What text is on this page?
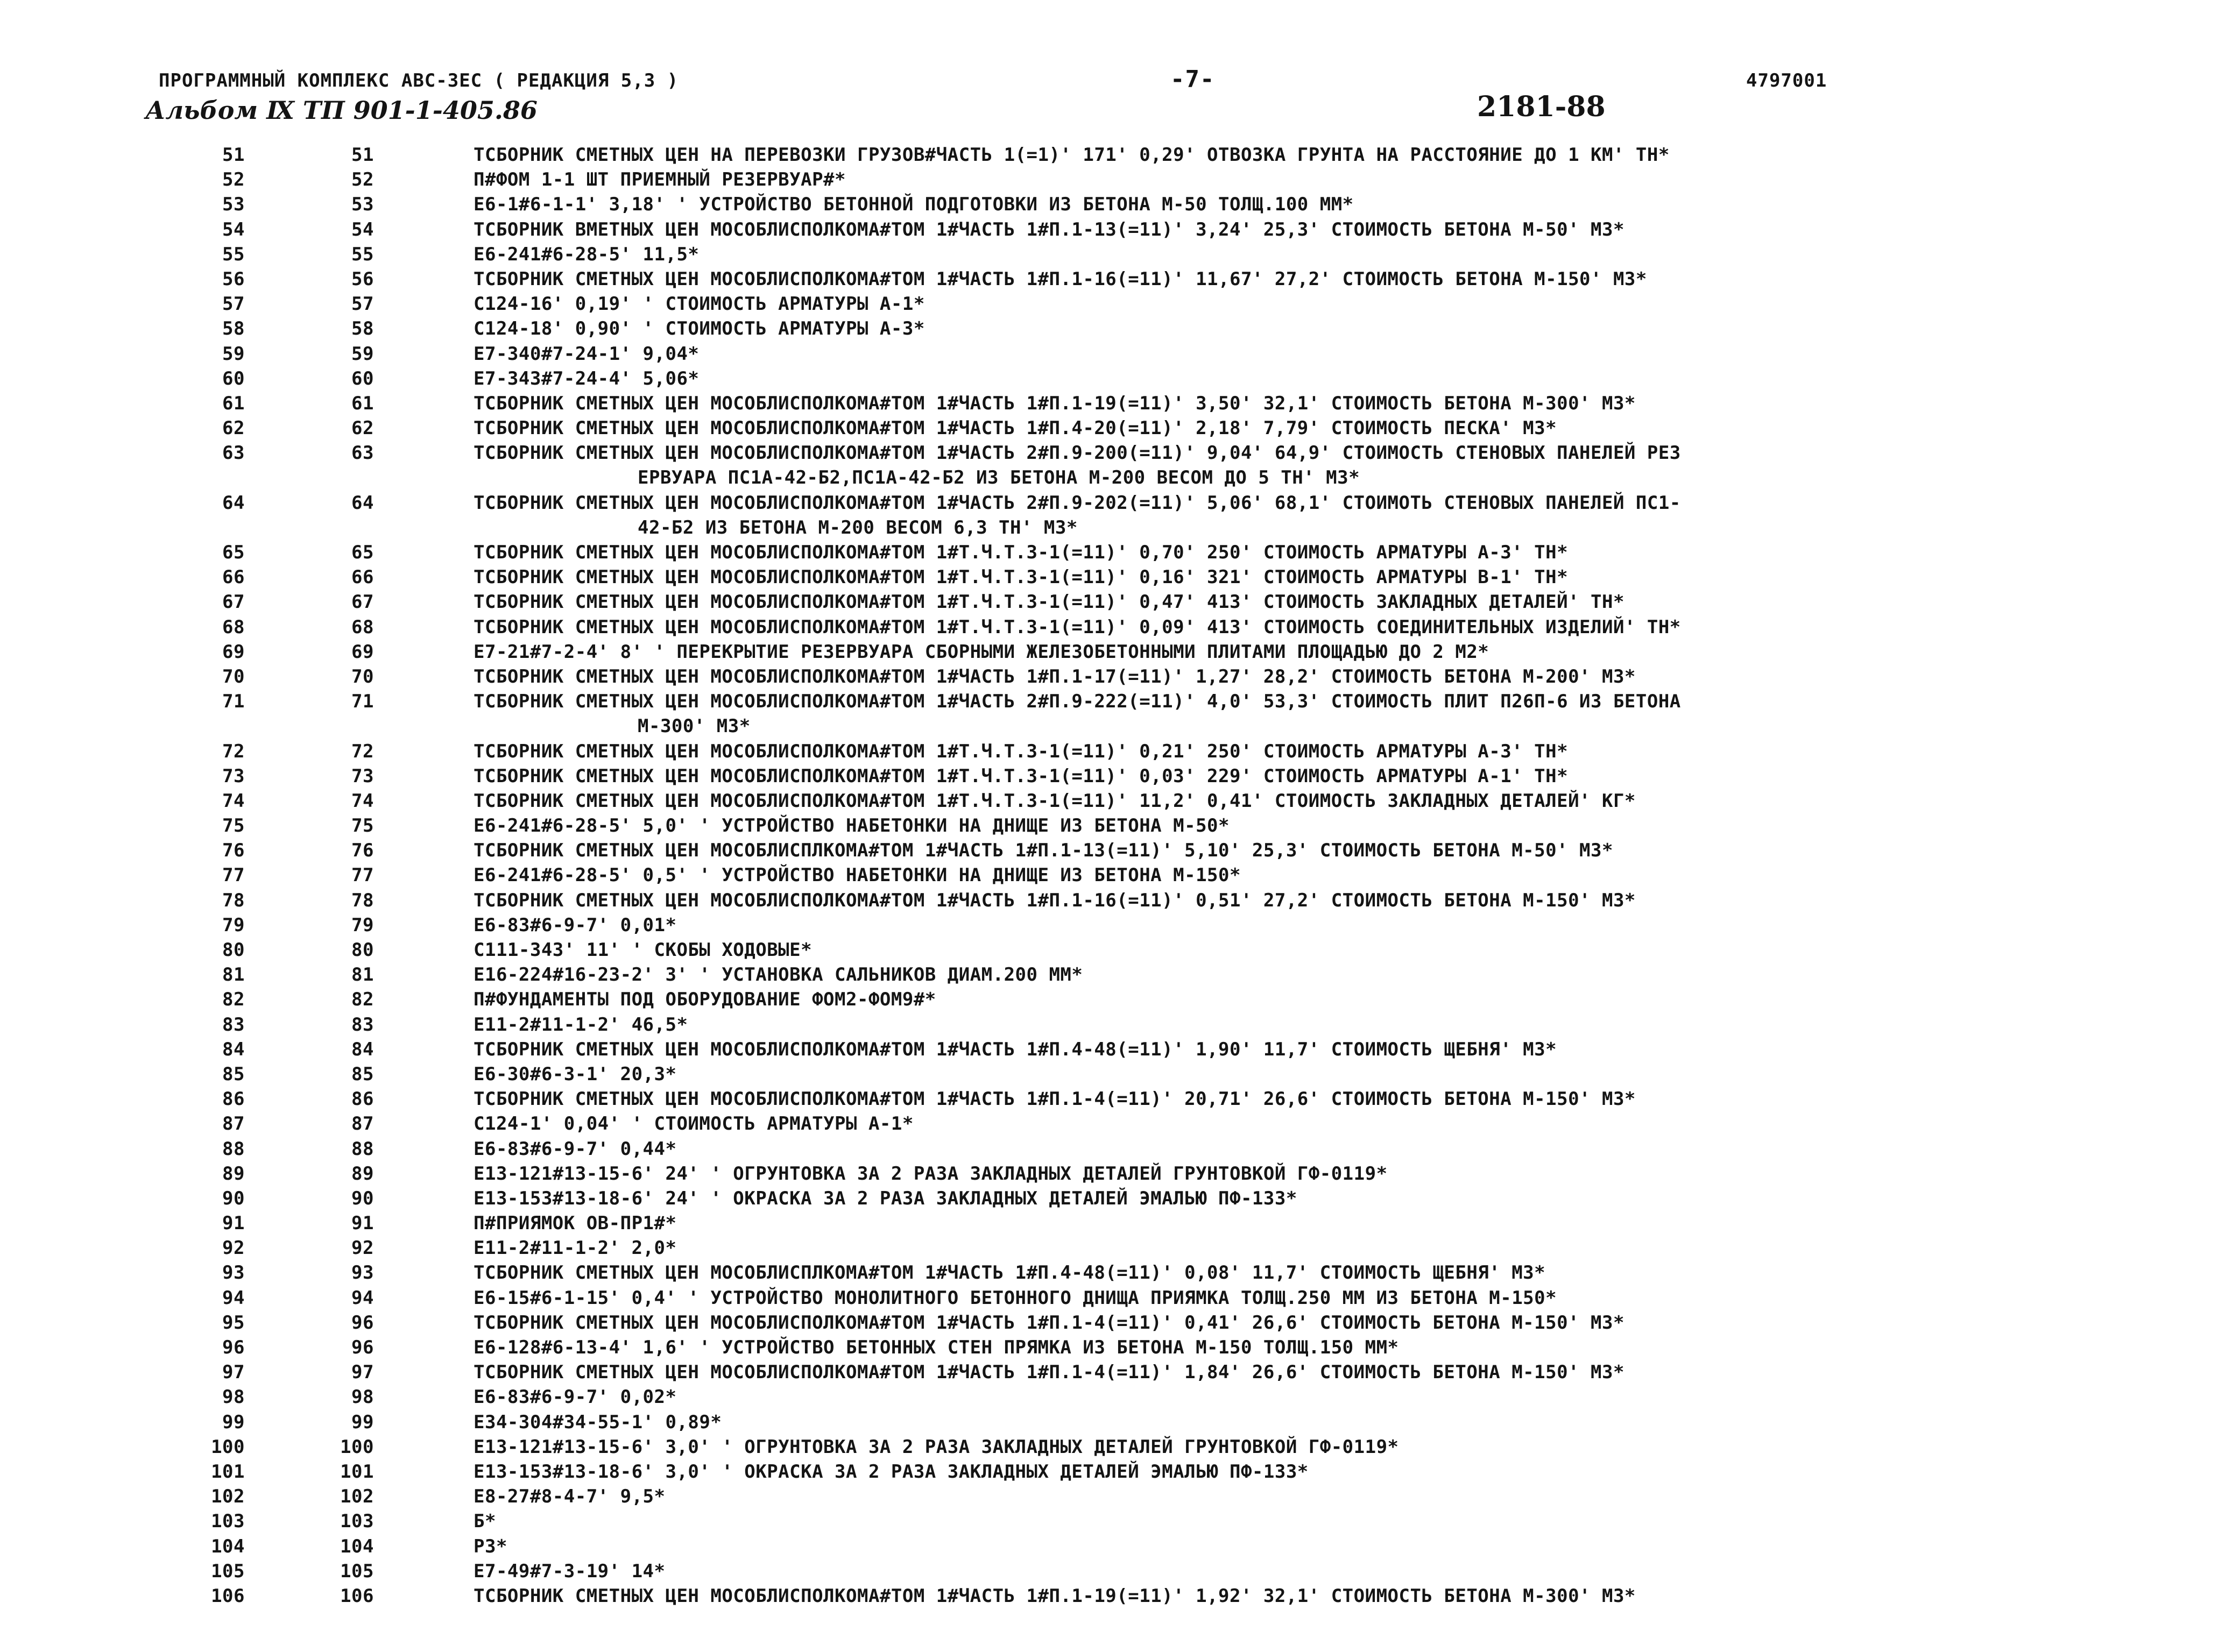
ПРОГРАММНЫЙ КОМПЛЕКС АВС-3ЕС ( РЕДАКЦИЯ 5,3 )	-7-	4797001
Альбом Ⅸ ТП 901-1-405.86	2181-88
51	51	ТСБОРНИК СМЕТНЫХ ЦЕН НА ПЕРЕВОЗКИ ГРУЗОВ#ЧАСТЬ 1(=1)' 171' 0,29' ОТВОЗКА ГРУНТА НА РАССТОЯНИЕ ДО 1 КМ' ТН*
52	52	П#ФОМ 1-1 ШТ ПРИЕМНЫЙ РЕЗЕРВУАР#*
53	53	Е6-1#6-1-1' 3,18' ' УСТРОЙСТВО БЕТОННОЙ ПОДГОТОВКИ ИЗ БЕТОНА М-50 ТОЛЩ.100 ММ*
54	54	ТСБОРНИК ВМЕТНЫХ ЦЕН МОСОБЛИСПОЛКОМА#ТОМ 1#ЧАСТЬ 1#П.1-13(=11)' 3,24' 25,3' СТОИМОСТЬ БЕТОНА М-50' М3*
55	55	Е6-241#6-28-5' 11,5*
56	56	ТСБОРНИК СМЕТНЫХ ЦЕН МОСОБЛИСПОЛКОМА#ТОМ 1#ЧАСТЬ 1#П.1-16(=11)' 11,67' 27,2' СТОИМОСТЬ БЕТОНА М-150' М3*
57	57	С124-16' 0,19' ' СТОИМОСТЬ АРМАТУРЫ А-1*
58	58	С124-18' 0,90' ' СТОИМОСТЬ АРМАТУРЫ А-3*
59	59	Е7-340#7-24-1' 9,04*
60	60	Е7-343#7-24-4' 5,06*
61	61	ТСБОРНИК СМЕТНЫХ ЦЕН МОСОБЛИСПОЛКОМА#ТОМ 1#ЧАСТЬ 1#П.1-19(=11)' 3,50' 32,1' СТОИМОСТЬ БЕТОНА М-300' М3*
62	62	ТСБОРНИК СМЕТНЫХ ЦЕН МОСОБЛИСПОЛКОМА#ТОМ 1#ЧАСТЬ 1#П.4-20(=11)' 2,18' 7,79' СТОИМОСТЬ ПЕСКА' М3*
63	63	ТСБОРНИК СМЕТНЫХ ЦЕН МОСОБЛИСПОЛКОМА#ТОМ 1#ЧАСТЬ 2#П.9-200(=11)' 9,04' 64,9' СТОИМОСТЬ СТЕНОВЫХ ПАНЕЛЕЙ РЕЗ
ЕРВУАРА ПС1А-42-Б2,ПС1А-42-Б2 ИЗ БЕТОНА М-200 ВЕСОМ ДО 5 ТН' М3*
64	64	ТСБОРНИК СМЕТНЫХ ЦЕН МОСОБЛИСПОЛКОМА#ТОМ 1#ЧАСТЬ 2#П.9-202(=11)' 5,06' 68,1' СТОИМОТЬ СТЕНОВЫХ ПАНЕЛЕЙ ПС1-
42-Б2 ИЗ БЕТОНА М-200 ВЕСОМ 6,3 ТН' М3*
65	65	ТСБОРНИК СМЕТНЫХ ЦЕН МОСОБЛИСПОЛКОМА#ТОМ 1#Т.Ч.Т.3-1(=11)' 0,70' 250' СТОИМОСТЬ АРМАТУРЫ А-3' ТН*
66	66	ТСБОРНИК СМЕТНЫХ ЦЕН МОСОБЛИСПОЛКОМА#ТОМ 1#Т.Ч.Т.3-1(=11)' 0,16' 321' СТОИМОСТЬ АРМАТУРЫ В-1' ТН*
67	67	ТСБОРНИК СМЕТНЫХ ЦЕН МОСОБЛИСПОЛКОМА#ТОМ 1#Т.Ч.Т.3-1(=11)' 0,47' 413' СТОИМОСТЬ ЗАКЛАДНЫХ ДЕТАЛЕЙ' ТН*
68	68	ТСБОРНИК СМЕТНЫХ ЦЕН МОСОБЛИСПОЛКОМА#ТОМ 1#Т.Ч.Т.3-1(=11)' 0,09' 413' СТОИМОСТЬ СОЕДИНИТЕЛЬНЫХ ИЗДЕЛИЙ' ТН*
69	69	Е7-21#7-2-4' 8' ' ПЕРЕКРЫТИЕ РЕЗЕРВУАРА СБОРНЫМИ ЖЕЛЕЗОБЕТОННЫМИ ПЛИТАМИ ПЛОЩАДЬЮ ДО 2 М2*
70	70	ТСБОРНИК СМЕТНЫХ ЦЕН МОСОБЛИСПОЛКОМА#ТОМ 1#ЧАСТЬ 1#П.1-17(=11)' 1,27' 28,2' СТОИМОСТЬ БЕТОНА М-200' М3*
71	71	ТСБОРНИК СМЕТНЫХ ЦЕН МОСОБЛИСПОЛКОМА#ТОМ 1#ЧАСТЬ 2#П.9-222(=11)' 4,0' 53,3' СТОИМОСТЬ ПЛИТ П26П-6 ИЗ БЕТОНА
М-300' М3*
72	72	ТСБОРНИК СМЕТНЫХ ЦЕН МОСОБЛИСПОЛКОМА#ТОМ 1#Т.Ч.Т.3-1(=11)' 0,21' 250' СТОИМОСТЬ АРМАТУРЫ А-3' ТН*
73	73	ТСБОРНИК СМЕТНЫХ ЦЕН МОСОБЛИСПОЛКОМА#ТОМ 1#Т.Ч.Т.3-1(=11)' 0,03' 229' СТОИМОСТЬ АРМАТУРЫ А-1' ТН*
74	74	ТСБОРНИК СМЕТНЫХ ЦЕН МОСОБЛИСПОЛКОМА#ТОМ 1#Т.Ч.Т.3-1(=11)' 11,2' 0,41' СТОИМОСТЬ ЗАКЛАДНЫХ ДЕТАЛЕЙ' КГ*
75	75	Е6-241#6-28-5' 5,0' ' УСТРОЙСТВО НАБЕТОНКИ НА ДНИЩЕ ИЗ БЕТОНА М-50*
76	76	ТСБОРНИК СМЕТНЫХ ЦЕН МОСОБЛИСПЛКОМА#ТОМ 1#ЧАСТЬ 1#П.1-13(=11)' 5,10' 25,3' СТОИМОСТЬ БЕТОНА М-50' М3*
77	77	Е6-241#6-28-5' 0,5' ' УСТРОЙСТВО НАБЕТОНКИ НА ДНИЩЕ ИЗ БЕТОНА М-150*
78	78	ТСБОРНИК СМЕТНЫХ ЦЕН МОСОБЛИСПОЛКОМА#ТОМ 1#ЧАСТЬ 1#П.1-16(=11)' 0,51' 27,2' СТОИМОСТЬ БЕТОНА М-150' М3*
79	79	Е6-83#6-9-7' 0,01*
80	80	С111-343' 11' ' СКОБЫ ХОДОВЫЕ*
81	81	Е16-224#16-23-2' 3' ' УСТАНОВКА САЛЬНИКОВ ДИАМ.200 ММ*
82	82	П#ФУНДАМЕНТЫ ПОД ОБОРУДОВАНИЕ ФОМ2-ФОМ9#*
83	83	Е11-2#11-1-2' 46,5*
84	84	ТСБОРНИК СМЕТНЫХ ЦЕН МОСОБЛИСПОЛКОМА#ТОМ 1#ЧАСТЬ 1#П.4-48(=11)' 1,90' 11,7' СТОИМОСТЬ ЩЕБНЯ' М3*
85	85	Е6-30#6-3-1' 20,3*
86	86	ТСБОРНИК СМЕТНЫХ ЦЕН МОСОБЛИСПОЛКОМА#ТОМ 1#ЧАСТЬ 1#П.1-4(=11)' 20,71' 26,6' СТОИМОСТЬ БЕТОНА М-150' М3*
87	87	С124-1' 0,04' ' СТОИМОСТЬ АРМАТУРЫ А-1*
88	88	Е6-83#6-9-7' 0,44*
89	89	Е13-121#13-15-6' 24' ' ОГРУНТОВКА ЗА 2 РАЗА ЗАКЛАДНЫХ ДЕТАЛЕЙ ГРУНТОВКОЙ ГФ-0119*
90	90	Е13-153#13-18-6' 24' ' ОКРАСКА ЗА 2 РАЗА ЗАКЛАДНЫХ ДЕТАЛЕЙ ЭМАЛЬЮ ПФ-133*
91	91	П#ПРИЯМОК ОВ-ПР1#*
92	92	Е11-2#11-1-2' 2,0*
93	93	ТСБОРНИК СМЕТНЫХ ЦЕН МОСОБЛИСПЛКОМА#ТОМ 1#ЧАСТЬ 1#П.4-48(=11)' 0,08' 11,7' СТОИМОСТЬ ЩЕБНЯ' М3*
94	94	Е6-15#6-1-15' 0,4' ' УСТРОЙСТВО МОНОЛИТНОГО БЕТОННОГО ДНИЩА ПРИЯМКА ТОЛЩ.250 ММ ИЗ БЕТОНА М-150*
95	96	ТСБОРНИК СМЕТНЫХ ЦЕН МОСОБЛИСПОЛКОМА#ТОМ 1#ЧАСТЬ 1#П.1-4(=11)' 0,41' 26,6' СТОИМОСТЬ БЕТОНА М-150' М3*
96	96	Е6-128#6-13-4' 1,6' ' УСТРОЙСТВО БЕТОННЫХ СТЕН ПРЯМКА ИЗ БЕТОНА М-150 ТОЛЩ.150 ММ*
97	97	ТСБОРНИК СМЕТНЫХ ЦЕН МОСОБЛИСПОЛКОМА#ТОМ 1#ЧАСТЬ 1#П.1-4(=11)' 1,84' 26,6' СТОИМОСТЬ БЕТОНА М-150' М3*
98	98	Е6-83#6-9-7' 0,02*
99	99	Е34-304#34-55-1' 0,89*
100	100	Е13-121#13-15-6' 3,0' ' ОГРУНТОВКА ЗА 2 РАЗА ЗАКЛАДНЫХ ДЕТАЛЕЙ ГРУНТОВКОЙ ГФ-0119*
101	101	Е13-153#13-18-6' 3,0' ' ОКРАСКА ЗА 2 РАЗА ЗАКЛАДНЫХ ДЕТАЛЕЙ ЭМАЛЬЮ ПФ-133*
102	102	Е8-27#8-4-7' 9,5*
103	103	Б*
104	104	Р3*
105	105	Е7-49#7-3-19' 14*
106	106	ТСБОРНИК СМЕТНЫХ ЦЕН МОСОБЛИСПОЛКОМА#ТОМ 1#ЧАСТЬ 1#П.1-19(=11)' 1,92' 32,1' СТОИМОСТЬ БЕТОНА М-300' М3*
